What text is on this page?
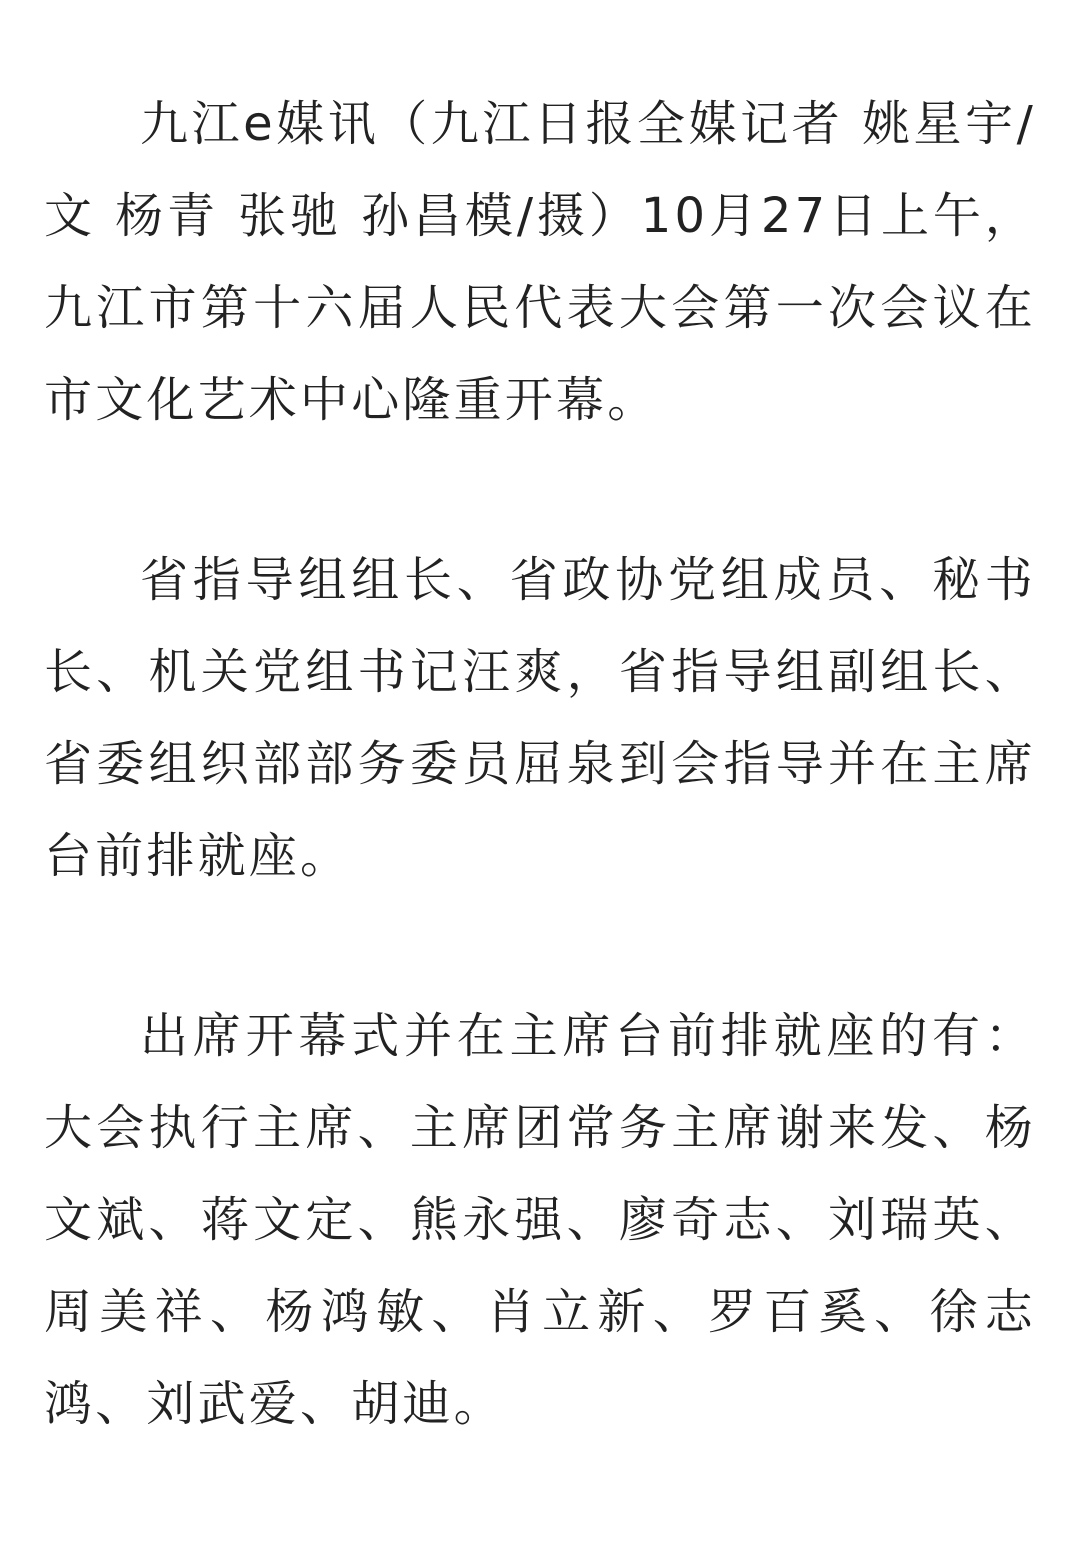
九江e媒讯（九江日报全媒记者 姚星宇/文 杨青 张驰 孙昌模/摄）10月27日上午，九江市第十六届人民代表大会第一次会议在市文化艺术中心隆重开幕。

省指导组组长、省政协党组成员、秘书长、机关党组书记汪爽，省指导组副组长、省委组织部部务委员屈泉到会指导并在主席台前排就座。

出席开幕式并在主席台前排就座的有：大会执行主席、主席团常务主席谢来发、杨文斌、蒋文定、熊永强、廖奇志、刘瑞英、周美祥、杨鸿敏、肖立新、罗百奚、徐志鸿、刘武爱、胡迪。
